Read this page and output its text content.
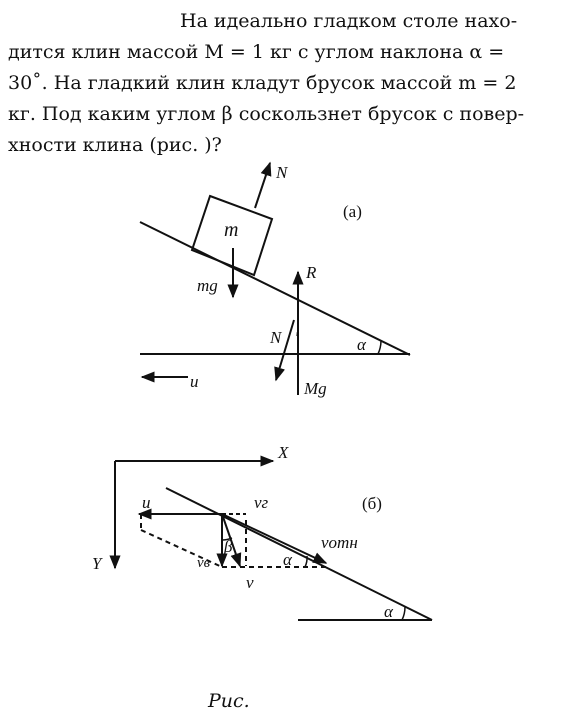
На идеально гладком столе нахо-
дится клин массой M = 1 кг с углом наклона α =
30˚. На гладкий клин кладут брусок массой m = 2
кг. Под каким углом β соскользнет брусок с повер-
хности клина (рис. )?
(а)
m
N⃗
mg⃗
R⃗
N⃗′
Mg⃗
α
u
(б)
X
Y
u⃗	vг
vв
v
β
α
vотн
α
Рис.
